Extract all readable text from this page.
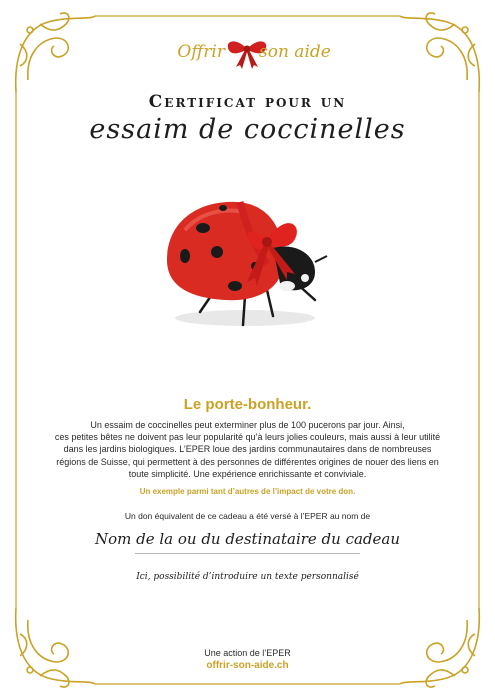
Offrir son aide
Certificat pour un
essaim de coccinelles
Le porte-bonheur.
Un essaim de coccinelles peut exterminer plus de 100 pucerons par jour. Ainsi,
ces petites bêtes ne doivent pas leur popularité qu’à leurs jolies couleurs, mais aussi à leur utilité
dans les jardins biologiques. L’EPER loue des jardins communautaires dans de nombreuses
régions de Suisse, qui permettent à des personnes de différentes origines de nouer des liens en
toute simplicité. Une expérience enrichissante et conviviale.
Un exemple parmi tant d’autres de l’impact de votre don.
Un don équivalent de ce cadeau a été versé à l’EPER au nom de
Nom de la ou du destinataire du cadeau
Ici, possibilité d’introduire un texte personnalisé
Une action de l’EPER
offrir-son-aide.ch
